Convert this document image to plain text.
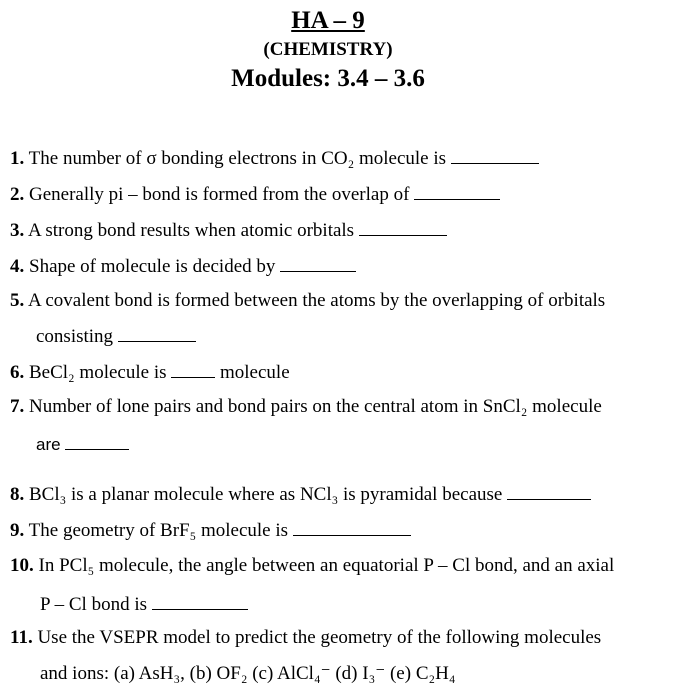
HA – 9
(CHEMISTRY)
Modules: 3.4 – 3.6
1. The number of σ bonding electrons in CO₂ molecule is
2. Generally pi – bond is formed from the overlap of
3. A strong bond results when atomic orbitals
4. Shape of molecule is decided by
5. A covalent bond is formed between the atoms by the overlapping of orbitals
consisting
6. BeCl₂ molecule is	molecule
7. Number of lone pairs and bond pairs on the central atom in SnCl₂ molecule
are
8. BCl₃ is a planar molecule where as NCl₃ is pyramidal because
9. The geometry of BrF₅ molecule is
10. In PCl₅ molecule, the angle between an equatorial P – Cl bond, and an axial
P – Cl bond is
11. Use the VSEPR model to predict the geometry of the following molecules
and ions: (a) AsH₃, (b) OF₂ (c) AlCl₄⁻ (d) I₃⁻ (e) C₂H₄
